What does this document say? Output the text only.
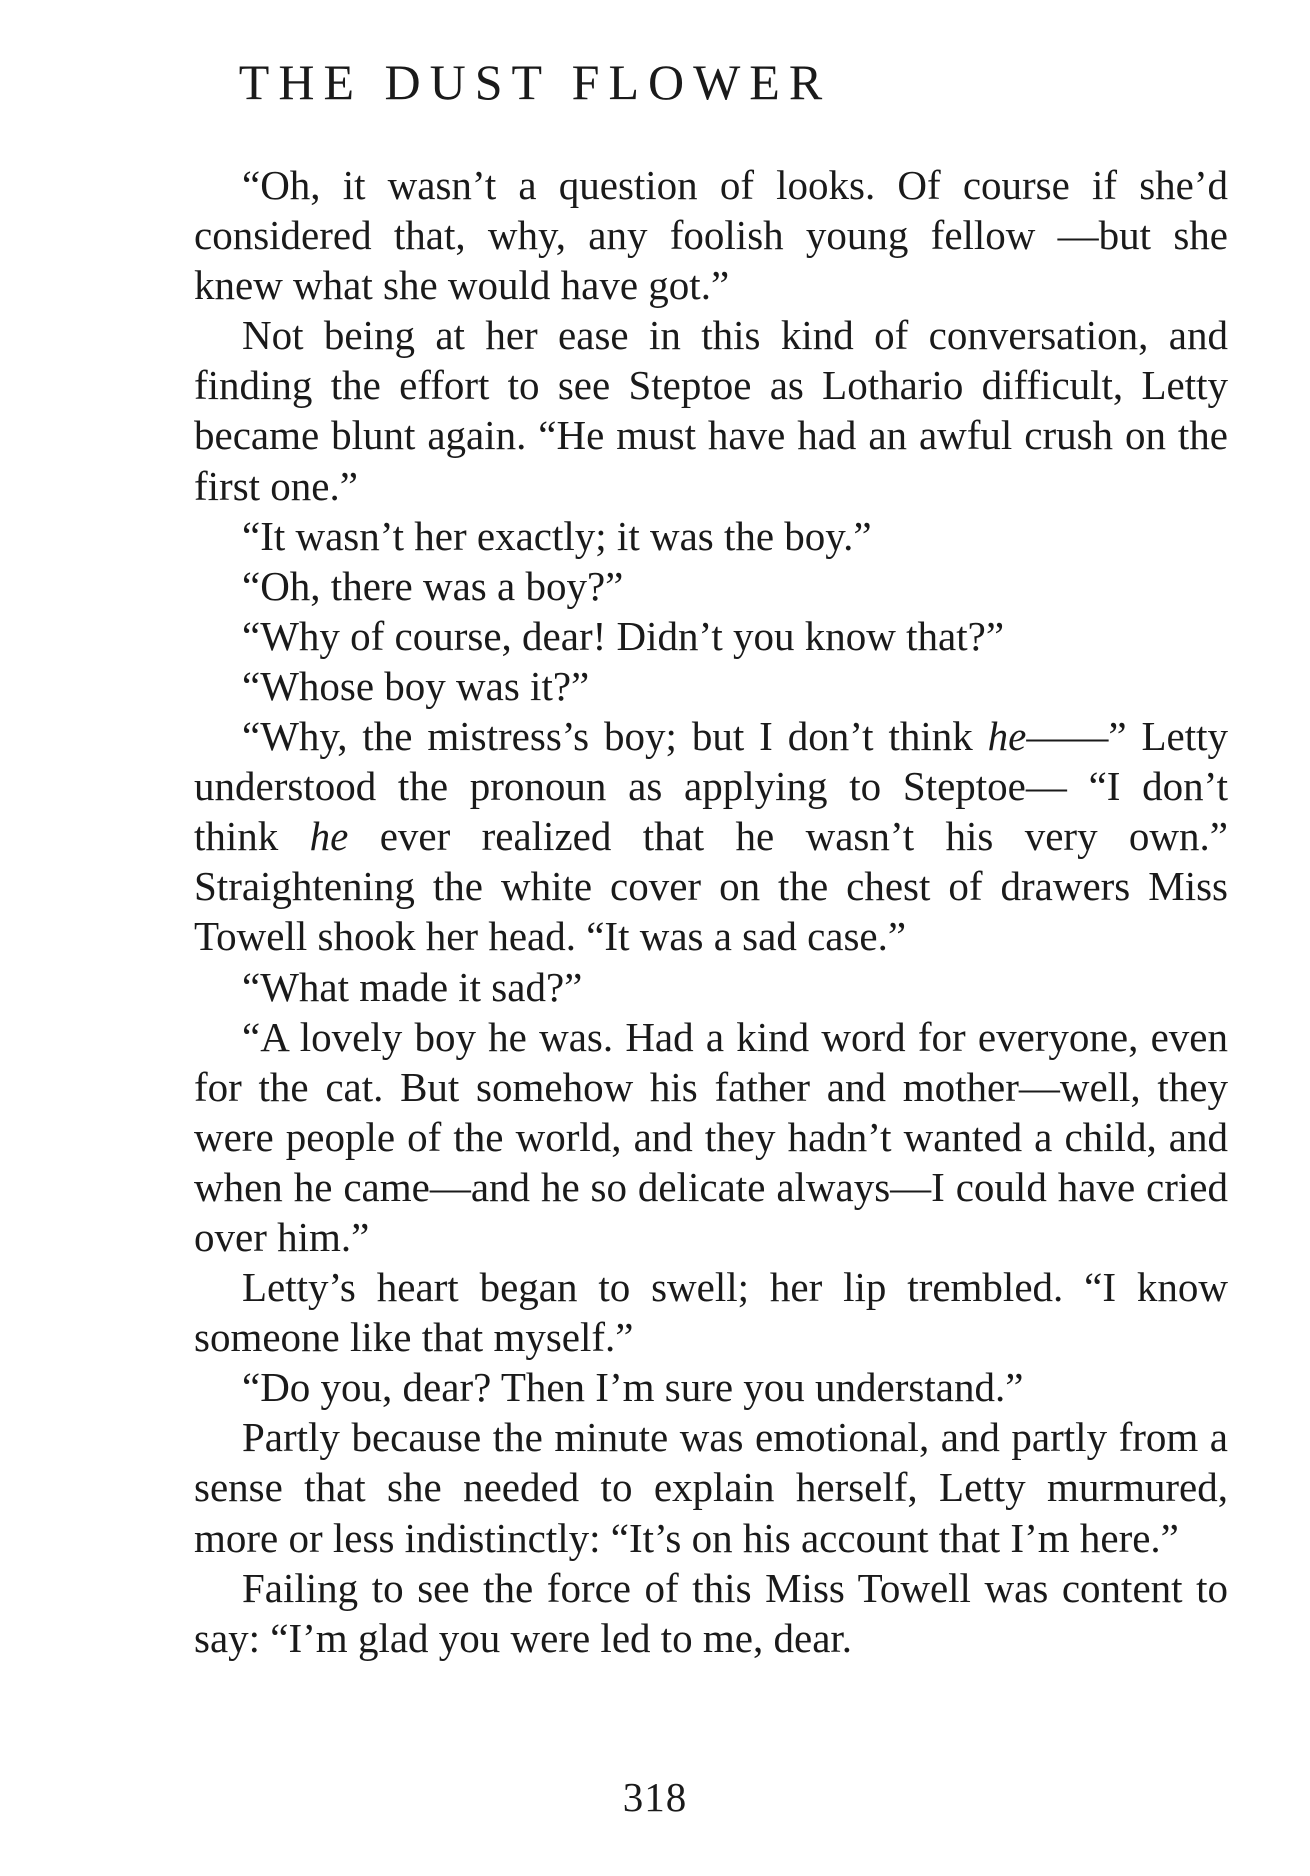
THE DUST FLOWER

“Oh, it wasn’t a question of looks. Of course if she’d considered that, why, any foolish young fellow —but she knew what she would have got.”

Not being at her ease in this kind of conversation, and finding the effort to see Steptoe as Lothario difficult, Letty became blunt again. “He must have had an awful crush on the first one.”

“It wasn’t her exactly; it was the boy.”

“Oh, there was a boy?”

“Why of course, dear! Didn’t you know that?”

“Whose boy was it?”

“Why, the mistress’s boy; but I don’t think he——” Letty understood the pronoun as applying to Steptoe— “I don’t think he ever realized that he wasn’t his very own.” Straightening the white cover on the chest of drawers Miss Towell shook her head. “It was a sad case.”

“What made it sad?”

“A lovely boy he was. Had a kind word for everyone, even for the cat. But somehow his father and mother—well, they were people of the world, and they hadn’t wanted a child, and when he came—and he so delicate always—I could have cried over him.”

Letty’s heart began to swell; her lip trembled. “I know someone like that myself.”

“Do you, dear? Then I’m sure you understand.”

Partly because the minute was emotional, and partly from a sense that she needed to explain herself, Letty murmured, more or less indistinctly: “It’s on his account that I’m here.”

Failing to see the force of this Miss Towell was content to say: “I’m glad you were led to me, dear.

318
